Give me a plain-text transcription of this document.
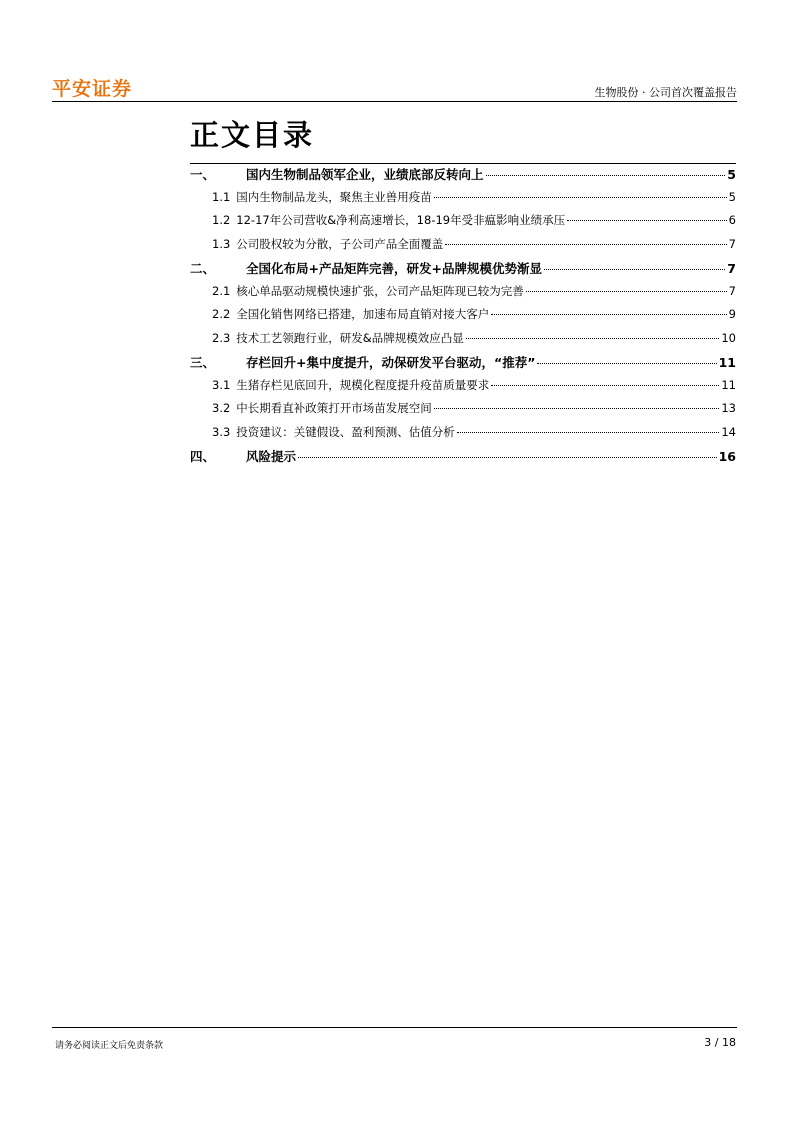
平安证券	生物股份 · 公司首次覆盖报告
正文目录
一、	国内生物制品领军企业，业绩底部反转向上	5
1.1 国内生物制品龙头，聚焦主业兽用疫苗	5
1.2 12-17年公司营收&净利高速增长，18-19年受非瘟影响业绩承压	6
1.3 公司股权较为分散，子公司产品全面覆盖	7
二、	全国化布局+产品矩阵完善，研发+品牌规模优势渐显	7
2.1 核心单品驱动规模快速扩张，公司产品矩阵现已较为完善	7
2.2 全国化销售网络已搭建，加速布局直销对接大客户	9
2.3 技术工艺领跑行业，研发&品牌规模效应凸显	10
三、	存栏回升+集中度提升，动保研发平台驱动，“推荐”	11
3.1 生猪存栏见底回升，规模化程度提升疫苗质量要求	11
3.2 中长期看直补政策打开市场苗发展空间	13
3.3 投资建议：关键假设、盈利预测、估值分析	14
四、	风险提示	16
请务必阅读正文后免责条款	3 / 18
